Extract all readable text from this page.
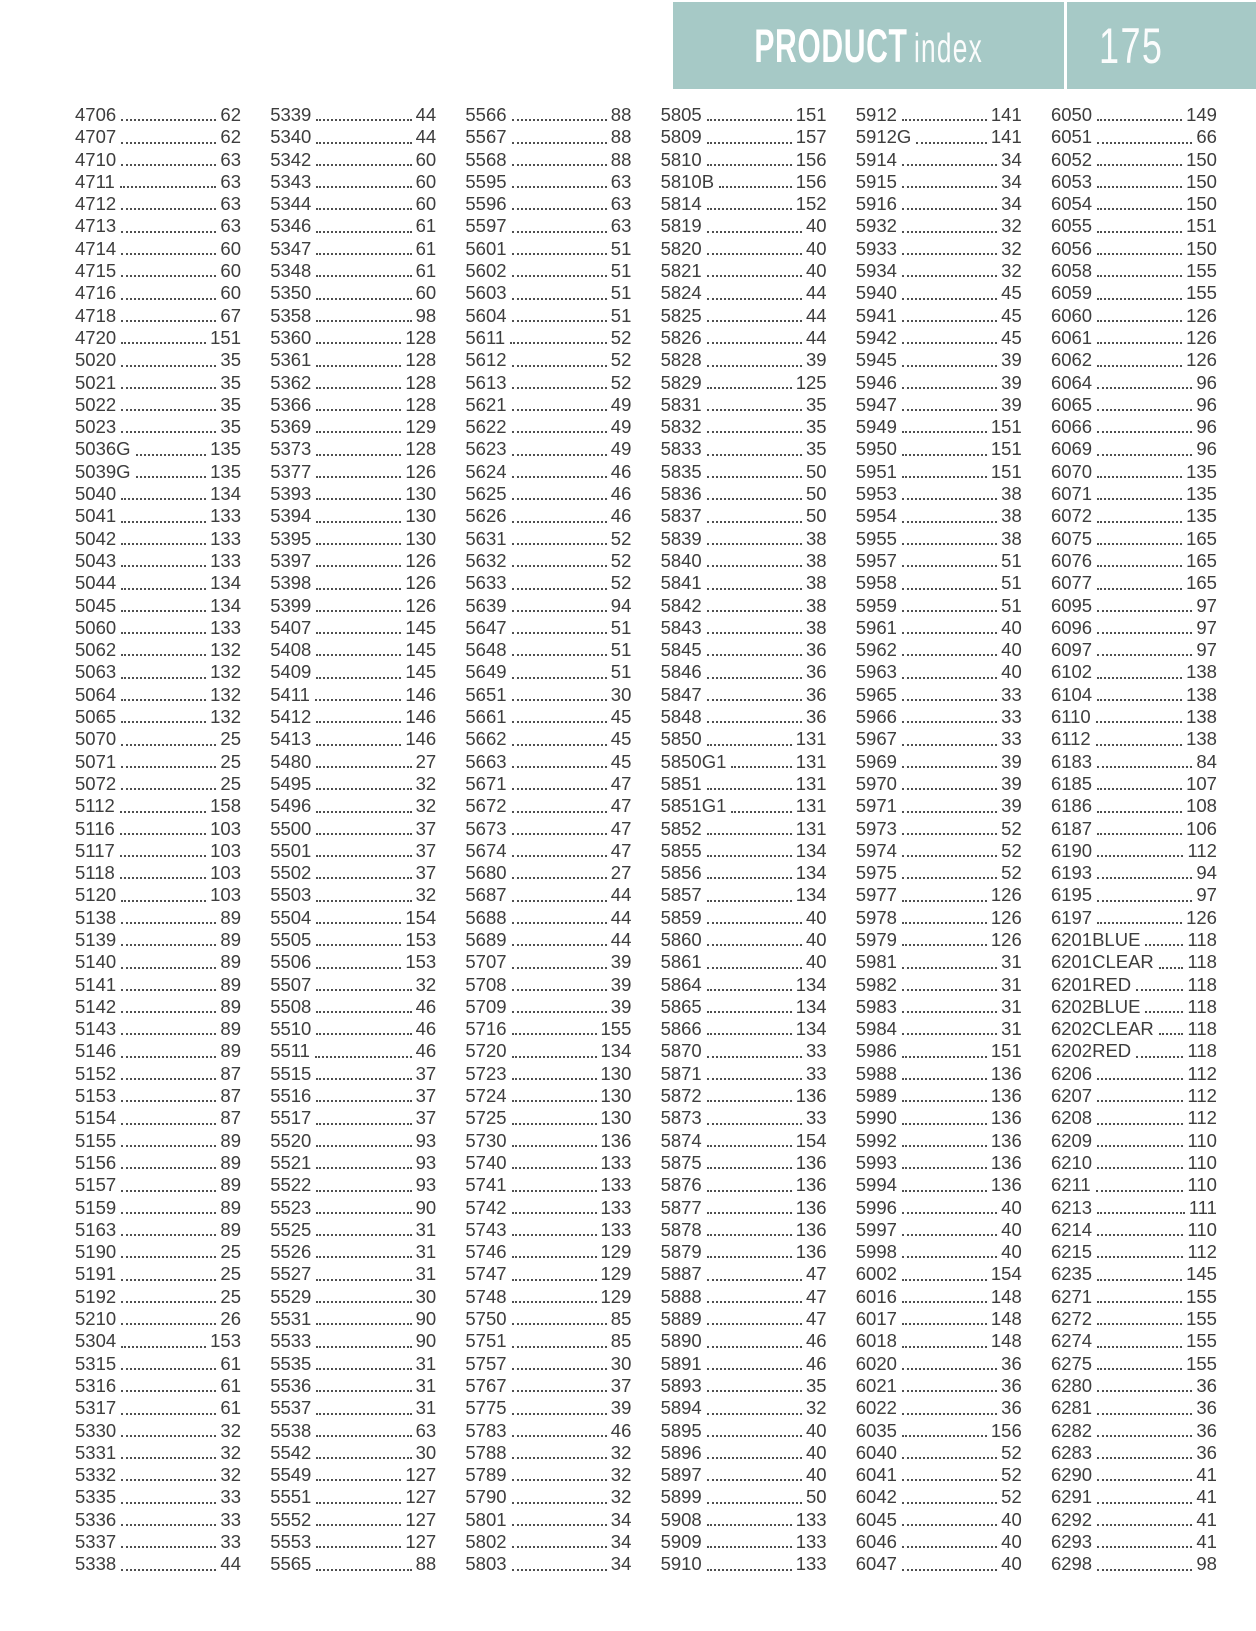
PRODUCT index 175
4706	62
4707	62
4710	63
4711	63
4712	63
4713	63
4714	60
4715	60
4716	60
4718	67
4720	151
5020	35
5021	35
5022	35
5023	35
5036G	135
5039G	135
5040	134
5041	133
5042	133
5043	133
5044	134
5045	134
5060	133
5062	132
5063	132
5064	132
5065	132
5070	25
5071	25
5072	25
5112	158
5116	103
5117	103
5118	103
5120	103
5138	89
5139	89
5140	89
5141	89
5142	89
5143	89
5146	89
5152	87
5153	87
5154	87
5155	89
5156	89
5157	89
5159	89
5163	89
5190	25
5191	25
5192	25
5210	26
5304	153
5315	61
5316	61
5317	61
5330	32
5331	32
5332	32
5335	33
5336	33
5337	33
5338	44
5339	44
5340	44
5342	60
5343	60
5344	60
5346	61
5347	61
5348	61
5350	60
5358	98
5360	128
5361	128
5362	128
5366	128
5369	129
5373	128
5377	126
5393	130
5394	130
5395	130
5397	126
5398	126
5399	126
5407	145
5408	145
5409	145
5411	146
5412	146
5413	146
5480	27
5495	32
5496	32
5500	37
5501	37
5502	37
5503	32
5504	154
5505	153
5506	153
5507	32
5508	46
5510	46
5511	46
5515	37
5516	37
5517	37
5520	93
5521	93
5522	93
5523	90
5525	31
5526	31
5527	31
5529	30
5531	90
5533	90
5535	31
5536	31
5537	31
5538	63
5542	30
5549	127
5551	127
5552	127
5553	127
5565	88
5566	88
5567	88
5568	88
5595	63
5596	63
5597	63
5601	51
5602	51
5603	51
5604	51
5611	52
5612	52
5613	52
5621	49
5622	49
5623	49
5624	46
5625	46
5626	46
5631	52
5632	52
5633	52
5639	94
5647	51
5648	51
5649	51
5651	30
5661	45
5662	45
5663	45
5671	47
5672	47
5673	47
5674	47
5680	27
5687	44
5688	44
5689	44
5707	39
5708	39
5709	39
5716	155
5720	134
5723	130
5724	130
5725	130
5730	136
5740	133
5741	133
5742	133
5743	133
5746	129
5747	129
5748	129
5750	85
5751	85
5757	30
5767	37
5775	39
5783	46
5788	32
5789	32
5790	32
5801	34
5802	34
5803	34
5805	151
5809	157
5810	156
5810B	156
5814	152
5819	40
5820	40
5821	40
5824	44
5825	44
5826	44
5828	39
5829	125
5831	35
5832	35
5833	35
5835	50
5836	50
5837	50
5839	38
5840	38
5841	38
5842	38
5843	38
5845	36
5846	36
5847	36
5848	36
5850	131
5850G1	131
5851	131
5851G1	131
5852	131
5855	134
5856	134
5857	134
5859	40
5860	40
5861	40
5864	134
5865	134
5866	134
5870	33
5871	33
5872	136
5873	33
5874	154
5875	136
5876	136
5877	136
5878	136
5879	136
5887	47
5888	47
5889	47
5890	46
5891	46
5893	35
5894	32
5895	40
5896	40
5897	40
5899	50
5908	133
5909	133
5910	133
5912	141
5912G	141
5914	34
5915	34
5916	34
5932	32
5933	32
5934	32
5940	45
5941	45
5942	45
5945	39
5946	39
5947	39
5949	151
5950	151
5951	151
5953	38
5954	38
5955	38
5957	51
5958	51
5959	51
5961	40
5962	40
5963	40
5965	33
5966	33
5967	33
5969	39
5970	39
5971	39
5973	52
5974	52
5975	52
5977	126
5978	126
5979	126
5981	31
5982	31
5983	31
5984	31
5986	151
5988	136
5989	136
5990	136
5992	136
5993	136
5994	136
5996	40
5997	40
5998	40
6002	154
6016	148
6017	148
6018	148
6020	36
6021	36
6022	36
6035	156
6040	52
6041	52
6042	52
6045	40
6046	40
6047	40
6050	149
6051	66
6052	150
6053	150
6054	150
6055	151
6056	150
6058	155
6059	155
6060	126
6061	126
6062	126
6064	96
6065	96
6066	96
6069	96
6070	135
6071	135
6072	135
6075	165
6076	165
6077	165
6095	97
6096	97
6097	97
6102	138
6104	138
6110	138
6112	138
6183	84
6185	107
6186	108
6187	106
6190	112
6193	94
6195	97
6197	126
6201BLUE	118
6201CLEAR 118
6201RED	118
6202BLUE	118
6202CLEAR 118
6202RED	118
6206	112
6207	112
6208	112
6209	110
6210	110
6211	110
6213	111
6214	110
6215	112
6235	145
6271	155
6272	155
6274	155
6275	155
6280	36
6281	36
6282	36
6283	36
6290	41
6291	41
6292	41
6293	41
6298	98
